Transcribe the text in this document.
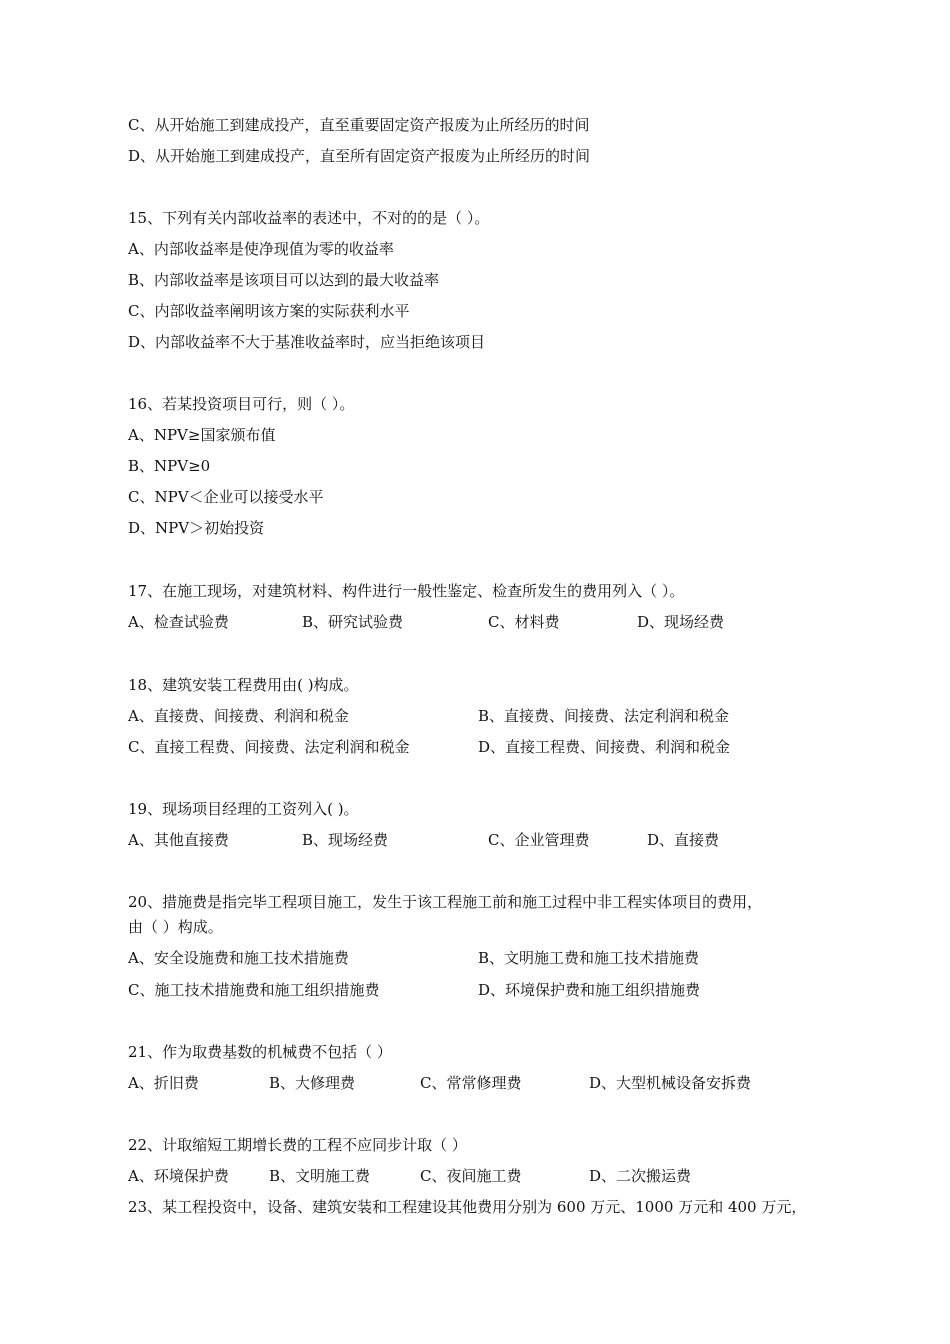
C、从开始施工到建成投产，直至重要固定资产报废为止所经历的时间
D、从开始施工到建成投产，直至所有固定资产报废为止所经历的时间
15、下列有关内部收益率的表述中，不对的的是（ ）。
A、内部收益率是使净现值为零的收益率
B、内部收益率是该项目可以达到的最大收益率
C、内部收益率阐明该方案的实际获利水平
D、内部收益率不大于基准收益率时，应当拒绝该项目
16、若某投资项目可行，则（ ）。
A、NPV≥国家颁布值
B、NPV≥0
C、NPV＜企业可以接受水平
D、NPV＞初始投资
17、在施工现场，对建筑材料、构件进行一般性鉴定、检查所发生的费用列入（ ）。
A、检查试验费	B、研究试验费	C、材料费	D、现场经费
18、建筑安装工程费用由( )构成。
A、直接费、间接费、利润和税金	B、直接费、间接费、法定利润和税金
C、直接工程费、间接费、法定利润和税金	D、直接工程费、间接费、利润和税金
19、现场项目经理的工资列入( )。
A、其他直接费	B、现场经费	C、企业管理费	D、直接费
20、措施费是指完毕工程项目施工，发生于该工程施工前和施工过程中非工程实体项目的费用，
由（ ）构成。
A、安全设施费和施工技术措施费	B、文明施工费和施工技术措施费
C、施工技术措施费和施工组织措施费	D、环境保护费和施工组织措施费
21、作为取费基数的机械费不包括（ ）
A、折旧费	B、大修理费	C、常常修理费	D、大型机械设备安拆费
22、计取缩短工期增长费的工程不应同步计取（ ）
A、环境保护费	B、文明施工费	C、夜间施工费	D、二次搬运费
23、某工程投资中，设备、建筑安装和工程建设其他费用分别为 600 万元、1000 万元和 400 万元，
